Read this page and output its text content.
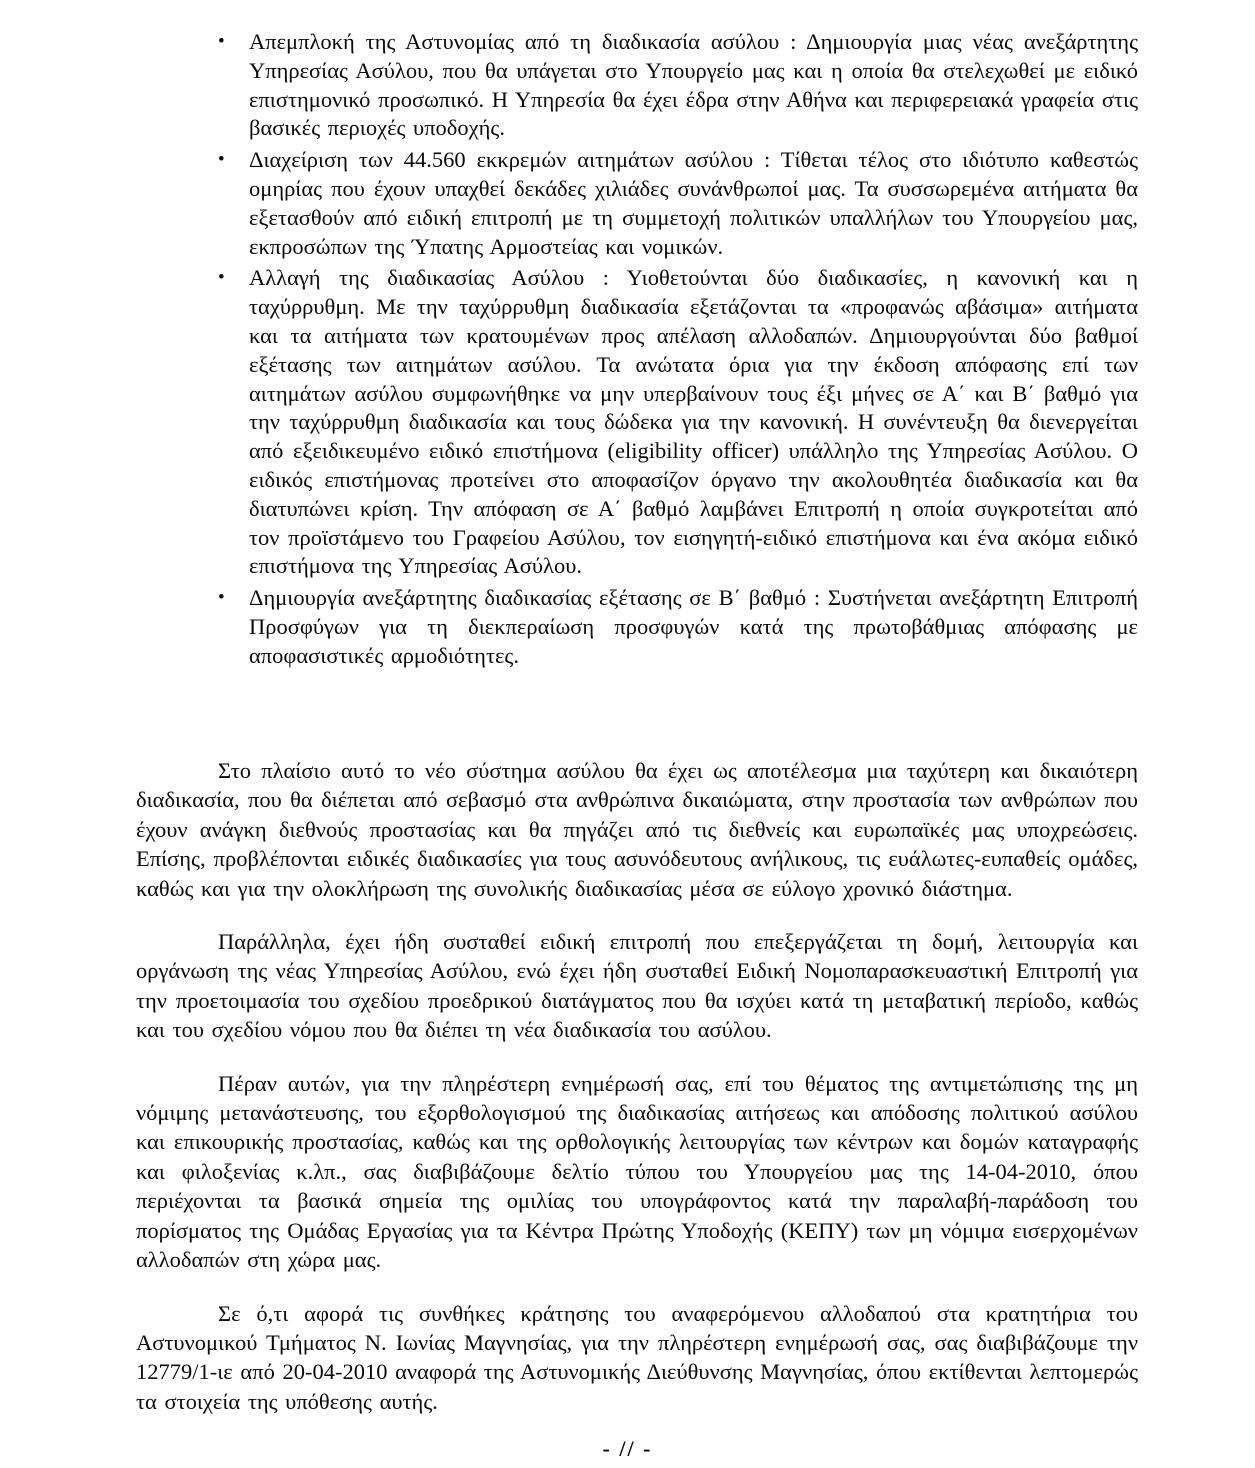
•	Απεμπλοκή της Αστυνομίας από τη διαδικασία ασύλου : Δημιουργία μιας νέας ανεξάρτητης Υπηρεσίας Ασύλου, που θα υπάγεται στο Υπουργείο μας και η οποία θα στελεχωθεί με ειδικό επιστημονικό προσωπικό. Η Υπηρεσία θα έχει έδρα στην Αθήνα και περιφερειακά γραφεία στις βασικές περιοχές υποδοχής.
•	Διαχείριση των 44.560 εκκρεμών αιτημάτων ασύλου : Τίθεται τέλος στο ιδιότυπο καθεστώς ομηρίας που έχουν υπαχθεί δεκάδες χιλιάδες συνάνθρωποί μας. Τα συσσωρεμένα αιτήματα θα εξετασθούν από ειδική επιτροπή με τη συμμετοχή πολιτικών υπαλλήλων του Υπουργείου μας, εκπροσώπων της Ύπατης Αρμοστείας και νομικών.
•	Αλλαγή της διαδικασίας Ασύλου : Υιοθετούνται δύο διαδικασίες, η κανονική και η ταχύρρυθμη. Με την ταχύρρυθμη διαδικασία εξετάζονται τα «προφανώς αβάσιμα» αιτήματα και τα αιτήματα των κρατουμένων προς απέλαση αλλοδαπών. Δημιουργούνται δύο βαθμοί εξέτασης των αιτημάτων ασύλου. Τα ανώτατα όρια για την έκδοση απόφασης επί των αιτημάτων ασύλου συμφωνήθηκε να μην υπερβαίνουν τους έξι μήνες σε Α΄ και Β΄ βαθμό για την ταχύρρυθμη διαδικασία και τους δώδεκα για την κανονική. Η συνέντευξη θα διενεργείται από εξειδικευμένο ειδικό επιστήμονα (eligibility officer) υπάλληλο της Υπηρεσίας Ασύλου. Ο ειδικός επιστήμονας προτείνει στο αποφασίζον όργανο την ακολουθητέα διαδικασία και θα διατυπώνει κρίση. Την απόφαση σε Α΄ βαθμό λαμβάνει Επιτροπή η οποία συγκροτείται από τον προϊστάμενο του Γραφείου Ασύλου, τον εισηγητή-ειδικό επιστήμονα και ένα ακόμα ειδικό επιστήμονα της Υπηρεσίας Ασύλου.
•	Δημιουργία ανεξάρτητης διαδικασίας εξέτασης σε Β΄ βαθμό : Συστήνεται ανεξάρτητη Επιτροπή Προσφύγων για τη διεκπεραίωση προσφυγών κατά της πρωτοβάθμιας απόφασης με αποφασιστικές αρμοδιότητες.

Στο πλαίσιο αυτό το νέο σύστημα ασύλου θα έχει ως αποτέλεσμα μια ταχύτερη και δικαιότερη διαδικασία, που θα διέπεται από σεβασμό στα ανθρώπινα δικαιώματα, στην προστασία των ανθρώπων που έχουν ανάγκη διεθνούς προστασίας και θα πηγάζει από τις διεθνείς και ευρωπαϊκές μας υποχρεώσεις. Επίσης, προβλέπονται ειδικές διαδικασίες για τους ασυνόδευτους ανήλικους, τις ευάλωτες-ευπαθείς ομάδες, καθώς και για την ολοκλήρωση της συνολικής διαδικασίας μέσα σε εύλογο χρονικό διάστημα.

Παράλληλα, έχει ήδη συσταθεί ειδική επιτροπή που επεξεργάζεται τη δομή, λειτουργία και οργάνωση της νέας Υπηρεσίας Ασύλου, ενώ έχει ήδη συσταθεί Ειδική Νομοπαρασκευαστική Επιτροπή για την προετοιμασία του σχεδίου προεδρικού διατάγματος που θα ισχύει κατά τη μεταβατική περίοδο, καθώς και του σχεδίου νόμου που θα διέπει τη νέα διαδικασία του ασύλου.

Πέραν αυτών, για την πληρέστερη ενημέρωσή σας, επί του θέματος της αντιμετώπισης της μη νόμιμης μετανάστευσης, του εξορθολογισμού της διαδικασίας αιτήσεως και απόδοσης πολιτικού ασύλου και επικουρικής προστασίας, καθώς και της ορθολογικής λειτουργίας των κέντρων και δομών καταγραφής και φιλοξενίας κ.λπ., σας διαβιβάζουμε δελτίο τύπου του Υπουργείου μας της 14-04-2010, όπου περιέχονται τα βασικά σημεία της ομιλίας του υπογράφοντος κατά την παραλαβή-παράδοση του πορίσματος της Ομάδας Εργασίας για τα Κέντρα Πρώτης Υποδοχής (ΚΕΠΥ) των μη νόμιμα εισερχομένων αλλοδαπών στη χώρα μας.

Σε ό,τι αφορά τις συνθήκες κράτησης του αναφερόμενου αλλοδαπού στα κρατητήρια του Αστυνομικού Τμήματος Ν. Ιωνίας Μαγνησίας, για την πληρέστερη ενημέρωσή σας, σας διαβιβάζουμε την 12779/1-ιε από 20-04-2010 αναφορά της Αστυνομικής Διεύθυνσης Μαγνησίας, όπου εκτίθενται λεπτομερώς τα στοιχεία της υπόθεσης αυτής.

- // -
